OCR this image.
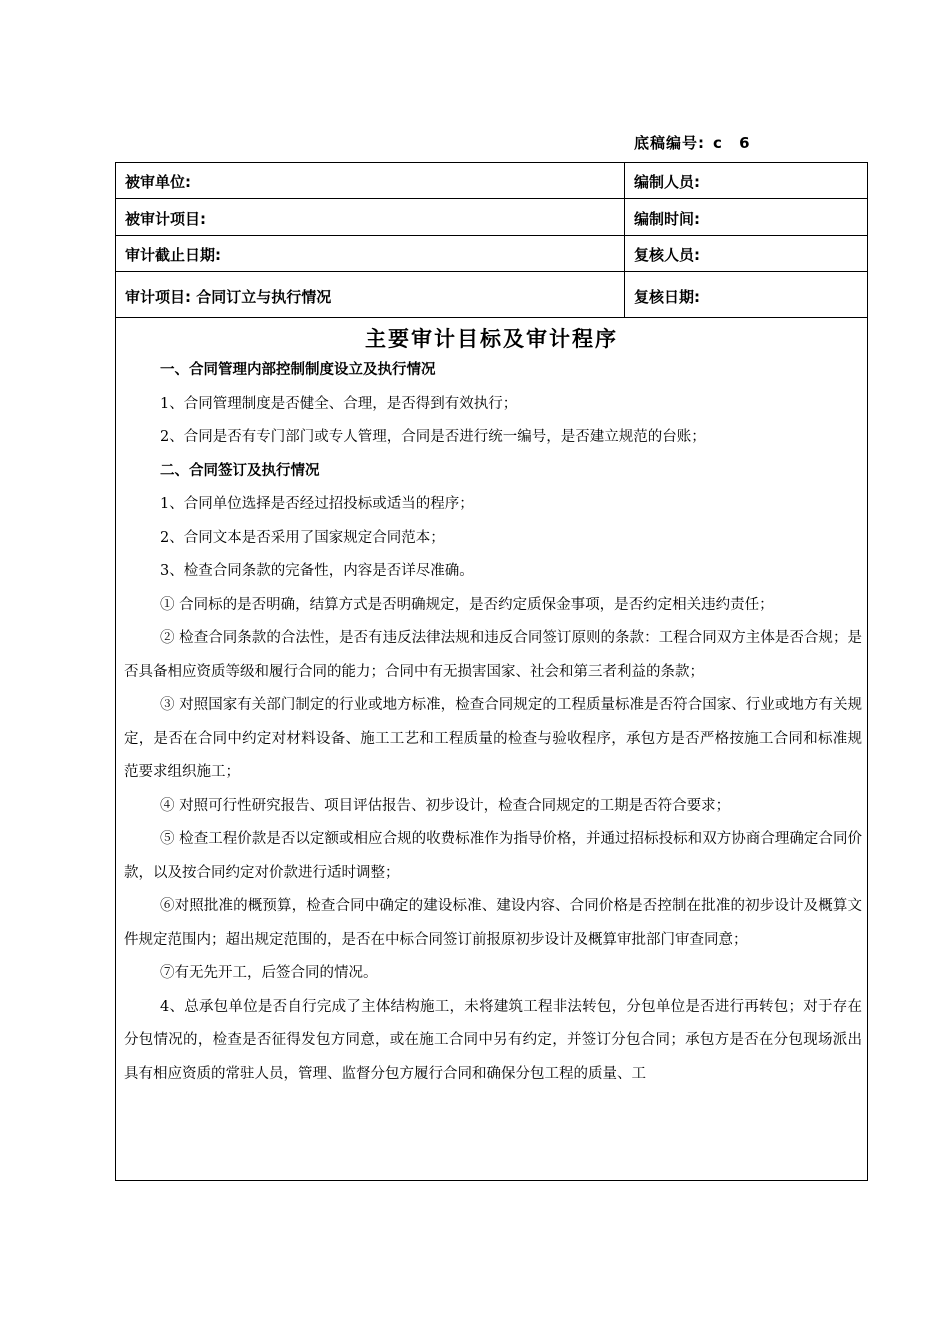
底稿编号: c 6
被审单位:	编制人员:
被审计项目:	编制时间:
审计截止日期:	复核人员:
审计项目: 合同订立与执行情况	复核日期:
主要审计目标及审计程序

一、合同管理内部控制制度设立及执行情况

1、合同管理制度是否健全、合理，是否得到有效执行；

2、合同是否有专门部门或专人管理，合同是否进行统一编号，是否建立规范的台账；

二、合同签订及执行情况

1、合同单位选择是否经过招投标或适当的程序；

2、合同文本是否采用了国家规定合同范本；

3、检查合同条款的完备性，内容是否详尽准确。

① 合同标的是否明确，结算方式是否明确规定，是否约定质保金事项，是否约定相关违约责任；

② 检查合同条款的合法性，是否有违反法律法规和违反合同签订原则的条款：工程合同双方主体是否合规；是否具备相应资质等级和履行合同的能力；合同中有无损害国家、社会和第三者利益的条款；

③ 对照国家有关部门制定的行业或地方标准，检查合同规定的工程质量标准是否符合国家、行业或地方有关规定，是否在合同中约定对材料设备、施工工艺和工程质量的检查与验收程序，承包方是否严格按施工合同和标准规范要求组织施工；

④ 对照可行性研究报告、项目评估报告、初步设计，检查合同规定的工期是否符合要求；

⑤ 检查工程价款是否以定额或相应合规的收费标准作为指导价格，并通过招标投标和双方协商合理确定合同价款，以及按合同约定对价款进行适时调整；

⑥对照批准的概预算，检查合同中确定的建设标准、建设内容、合同价格是否控制在批准的初步设计及概算文件规定范围内；超出规定范围的，是否在中标合同签订前报原初步设计及概算审批部门审查同意；

⑦有无先开工，后签合同的情况。

4、总承包单位是否自行完成了主体结构施工，未将建筑工程非法转包，分包单位是否进行再转包；对于存在分包情况的，检查是否征得发包方同意，或在施工合同中另有约定，并签订分包合同；承包方是否在分包现场派出具有相应资质的常驻人员，管理、监督分包方履行合同和确保分包工程的质量、工
